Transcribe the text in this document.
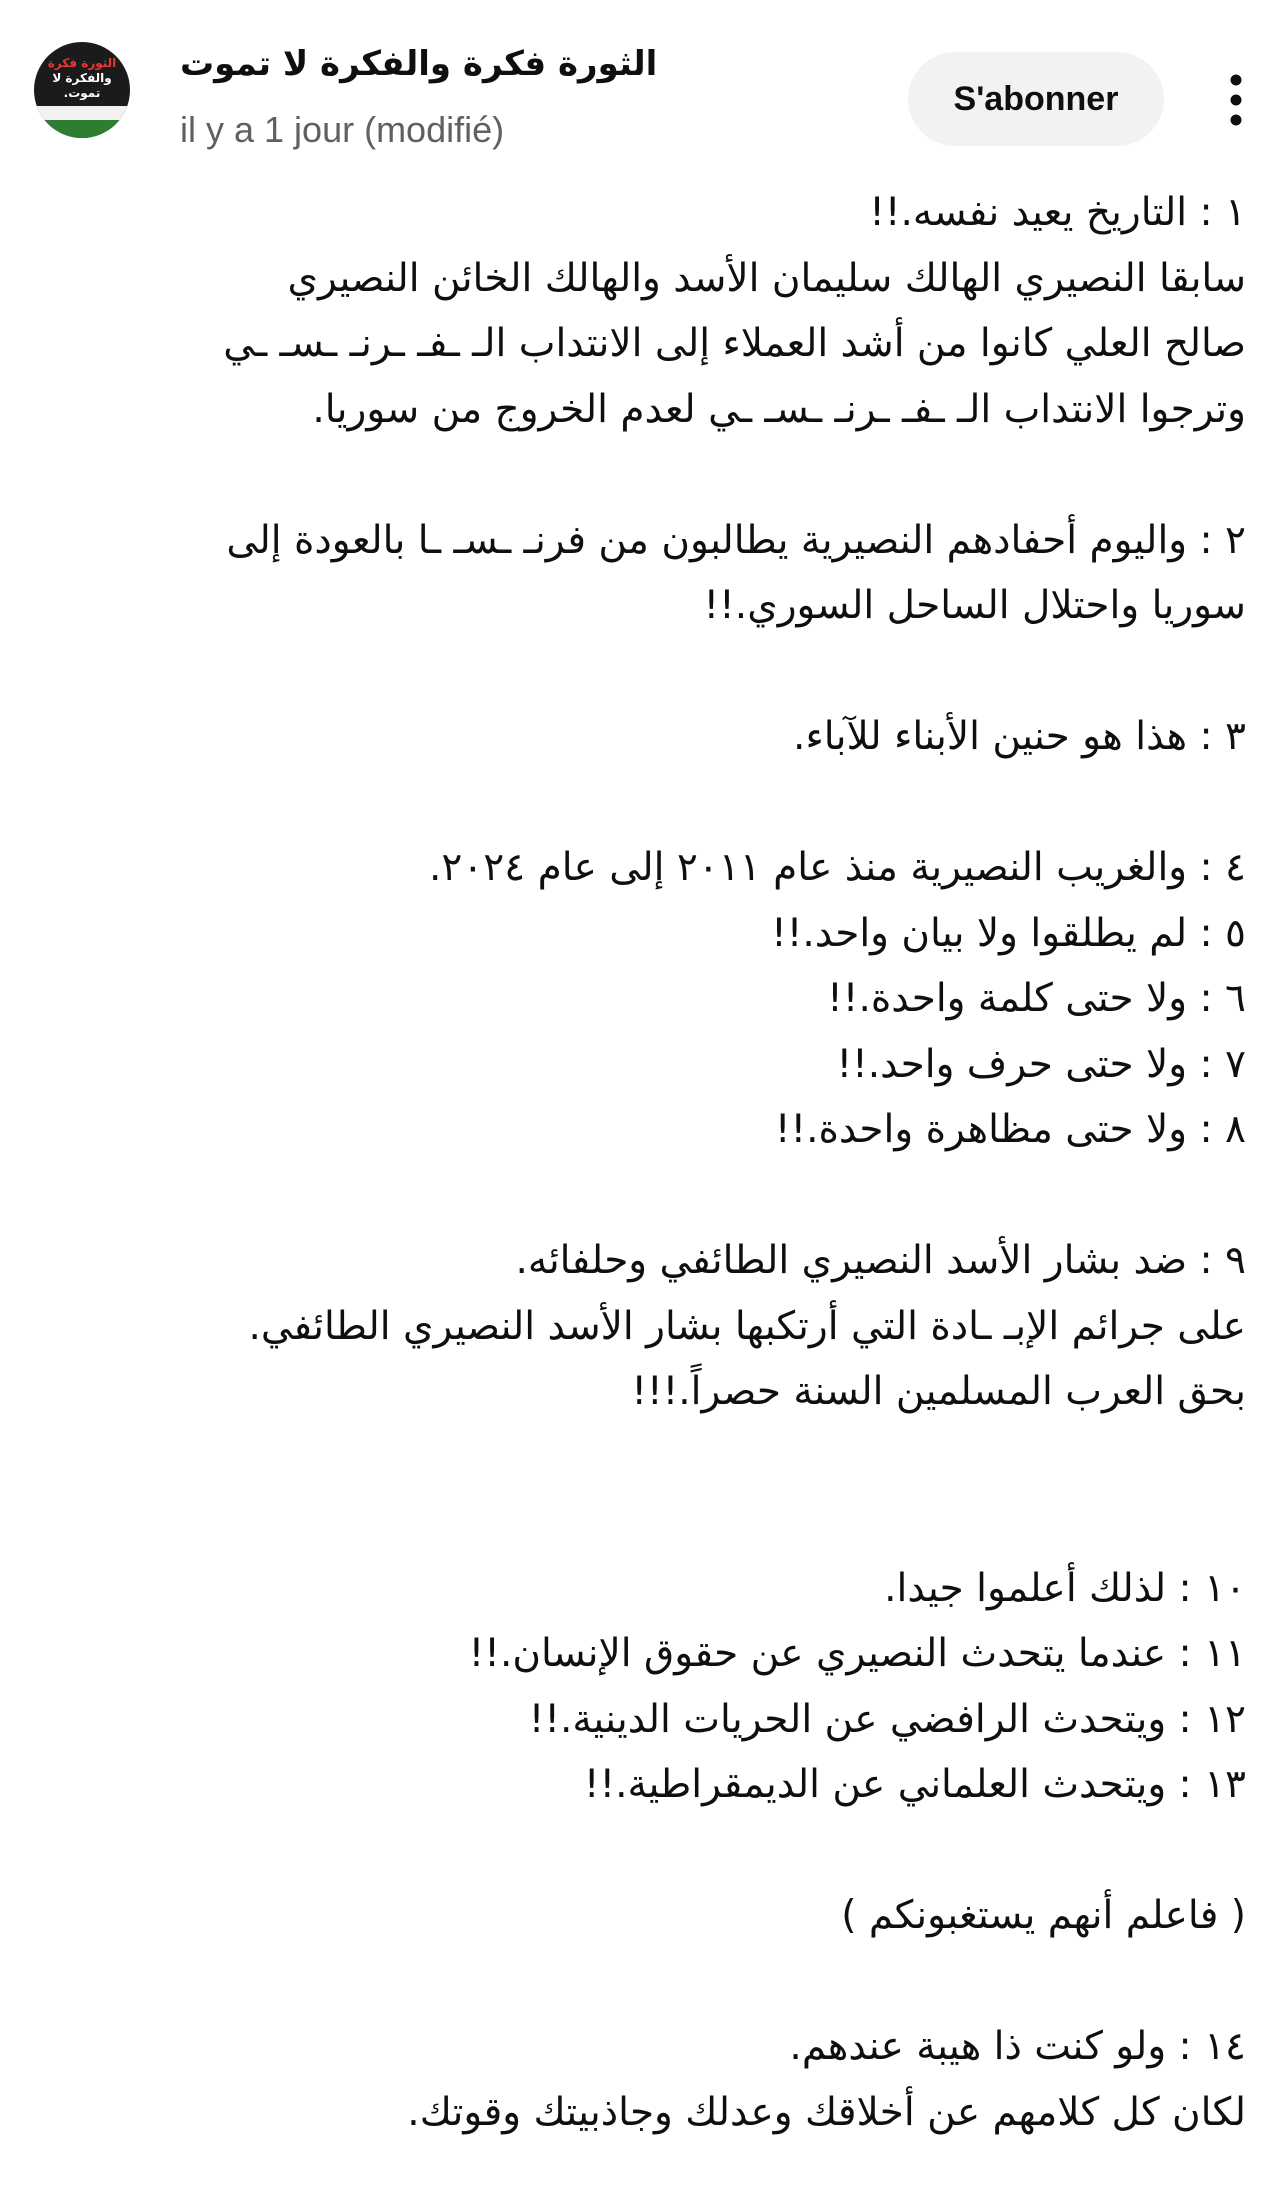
الثورة فكرة
والفكرة لا تموت.
الثورة فكرة والفكرة لا تموت
il y a 1 jour (modifié)
S'abonner

١ : التاريخ يعيد نفسه.!!

سابقا النصيري الهالك سليمان الأسد والهالك الخائن النصيري

صالح العلي كانوا من أشد العملاء إلى الانتداب الـ ـفـ ـرنـ ـسـ ـي

وترجوا الانتداب الـ ـفـ ـرنـ ـسـ ـي لعدم الخروج من سوريا.

٢ : واليوم أحفادهم النصيرية يطالبون من فرنـ ـسـ ـا بالعودة إلى

سوريا واحتلال الساحل السوري.!!

٣ : هذا هو حنين الأبناء للآباء.

٤ : والغريب النصيرية منذ عام ٢٠١١ إلى عام ٢٠٢٤.

٥ : لم يطلقوا ولا بيان واحد.!!

٦ : ولا حتى كلمة واحدة.!!

٧ : ولا حتى حرف واحد.!!

٨ : ولا حتى مظاهرة واحدة.!!

٩ : ضد بشار الأسد النصيري الطائفي وحلفائه.

على جرائم الإبـ ـادة التي أرتكبها بشار الأسد النصيري الطائفي.

بحق العرب المسلمين السنة حصراً.!!!

١٠ : لذلك أعلموا جيدا.

١١ : عندما يتحدث النصيري عن حقوق الإنسان.!!

١٢ : ويتحدث الرافضي عن الحريات الدينية.!!

١٣ : ويتحدث العلماني عن الديمقراطية.!!

( فاعلم أنهم يستغبونكم )

١٤ : ولو كنت ذا هيبة عندهم.

لكان كل كلامهم عن أخلاقك وعدلك وجاذبيتك وقوتك.
